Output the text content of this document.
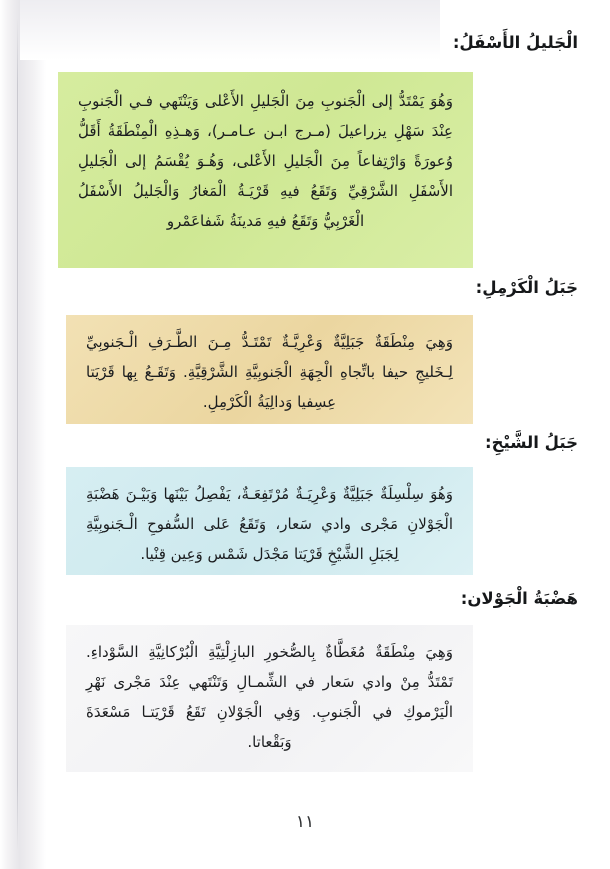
الْجَليلُ الأَسْفَلُ:

وَهُوَ يَمْتَدُّ إلى الْجَنوبِ مِنَ الْجَليلِ الأَعْلى وَيَنْتَهي فـي الْجَنوبِ عِنْدَ سَهْلِ يزراعيلَ (مـرج ابـن عـامـر)، وَهـذِهِ الْمِنْطَقَةُ أَقَلُّ وُعورَةً وَارْتِفاعاً مِنَ الْجَليلِ الأَعْلى، وَهُـوَ يُقْسَمُ إلى الْجَليلِ الأَسْفَلِ الشَّرْقِيِّ وَتَقَعُ فيهِ قَرْيَـةُ الْمَغارُ وَالْجَليلُ الأَسْفَلُ الْغَرْبِيُّ وَتَقَعُ فيهِ مَدينَةُ شَفاعَمْرو

جَبَلُ الْكَرْمِلِ:

وَهِيَ مِنْطَقَةٌ جَبَلِيَّةٌ وَعْرِيَّـةٌ تَمْتَـدُّ مِـنَ الطَّـرَفِ الْـجَنوبِيِّ لِـخَليجِ حيفا باتِّجاهِ الْجِهَةِ الْجَنوبِيَّةِ الشَّرْقِيَّةِ. وَتَقَـعُ بِها قَرْيَتا عِسِفيا وَدالِيَةُ الْكَرْمِلِ.

جَبَلُ الشَّيْخِ:

وَهُوَ سِلْسِلَةٌ جَبَلِيَّةٌ وَعْرِيَـةٌ مُرْتَفِعَـةٌ، يَفْصِلُ بَيْنَها وَبَيْـنَ هَضْبَةِ الْجَوْلانِ مَجْرى وادي سَعار، وَتَقَعُ عَلى السُّفوحِ الْـجَنوبِيَّةِ لِجَبَلِ الشَّيْخِ قَرْيَتا مَجْدَل شَمْس وَعِين قِنْيا.

هَضْبَةُ الْجَوْلان:

وَهِيَ مِنْطَقَةٌ مُغَطَّاةٌ بِالصُّخورِ البازِلْتِيَّةِ الْبُرْكانِيَّةِ السَّوْداءِ. تَمْتَدُّ مِنْ وادي سَعار في الشِّمـالِ وَتَنْتَهي عِنْدَ مَجْرى نَهْرِ الْيَرْموكِ في الْجَنوبِ. وَفِي الْجَوْلانِ تَقَعُ قَرْيَتـا مَسْعَدَةَ وَبَقْعاتا.

١١
